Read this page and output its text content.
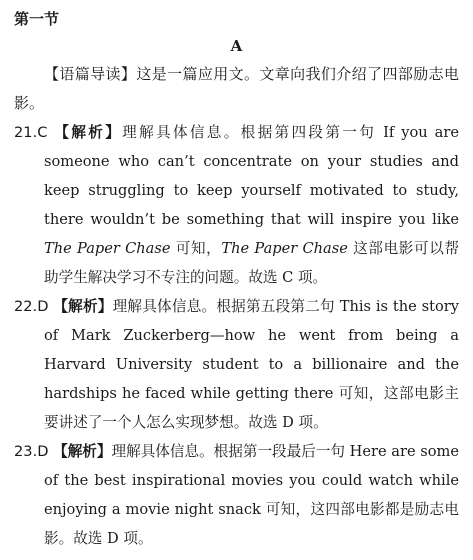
第一节

A

【语篇导读】这是一篇应用文。文章向我们介绍了四部励志电影。

21.C 【解析】理解具体信息。根据第四段第一句 If you are someone who can’t concentrate on your studies and keep struggling to keep yourself motivated to study, there wouldn’t be something that will inspire you like The Paper Chase 可知，The Paper Chase 这部电影可以帮助学生解决学习不专注的问题。故选 C 项。

22.D 【解析】理解具体信息。根据第五段第二句 This is the story of Mark Zuckerberg—how he went from being a Harvard University student to a billionaire and the hardships he faced while getting there 可知，这部电影主要讲述了一个人怎么实现梦想。故选 D 项。

23.D 【解析】理解具体信息。根据第一段最后一句 Here are some of the best inspirational movies you could watch while enjoying a movie night snack 可知，这四部电影都是励志电影。故选 D 项。
